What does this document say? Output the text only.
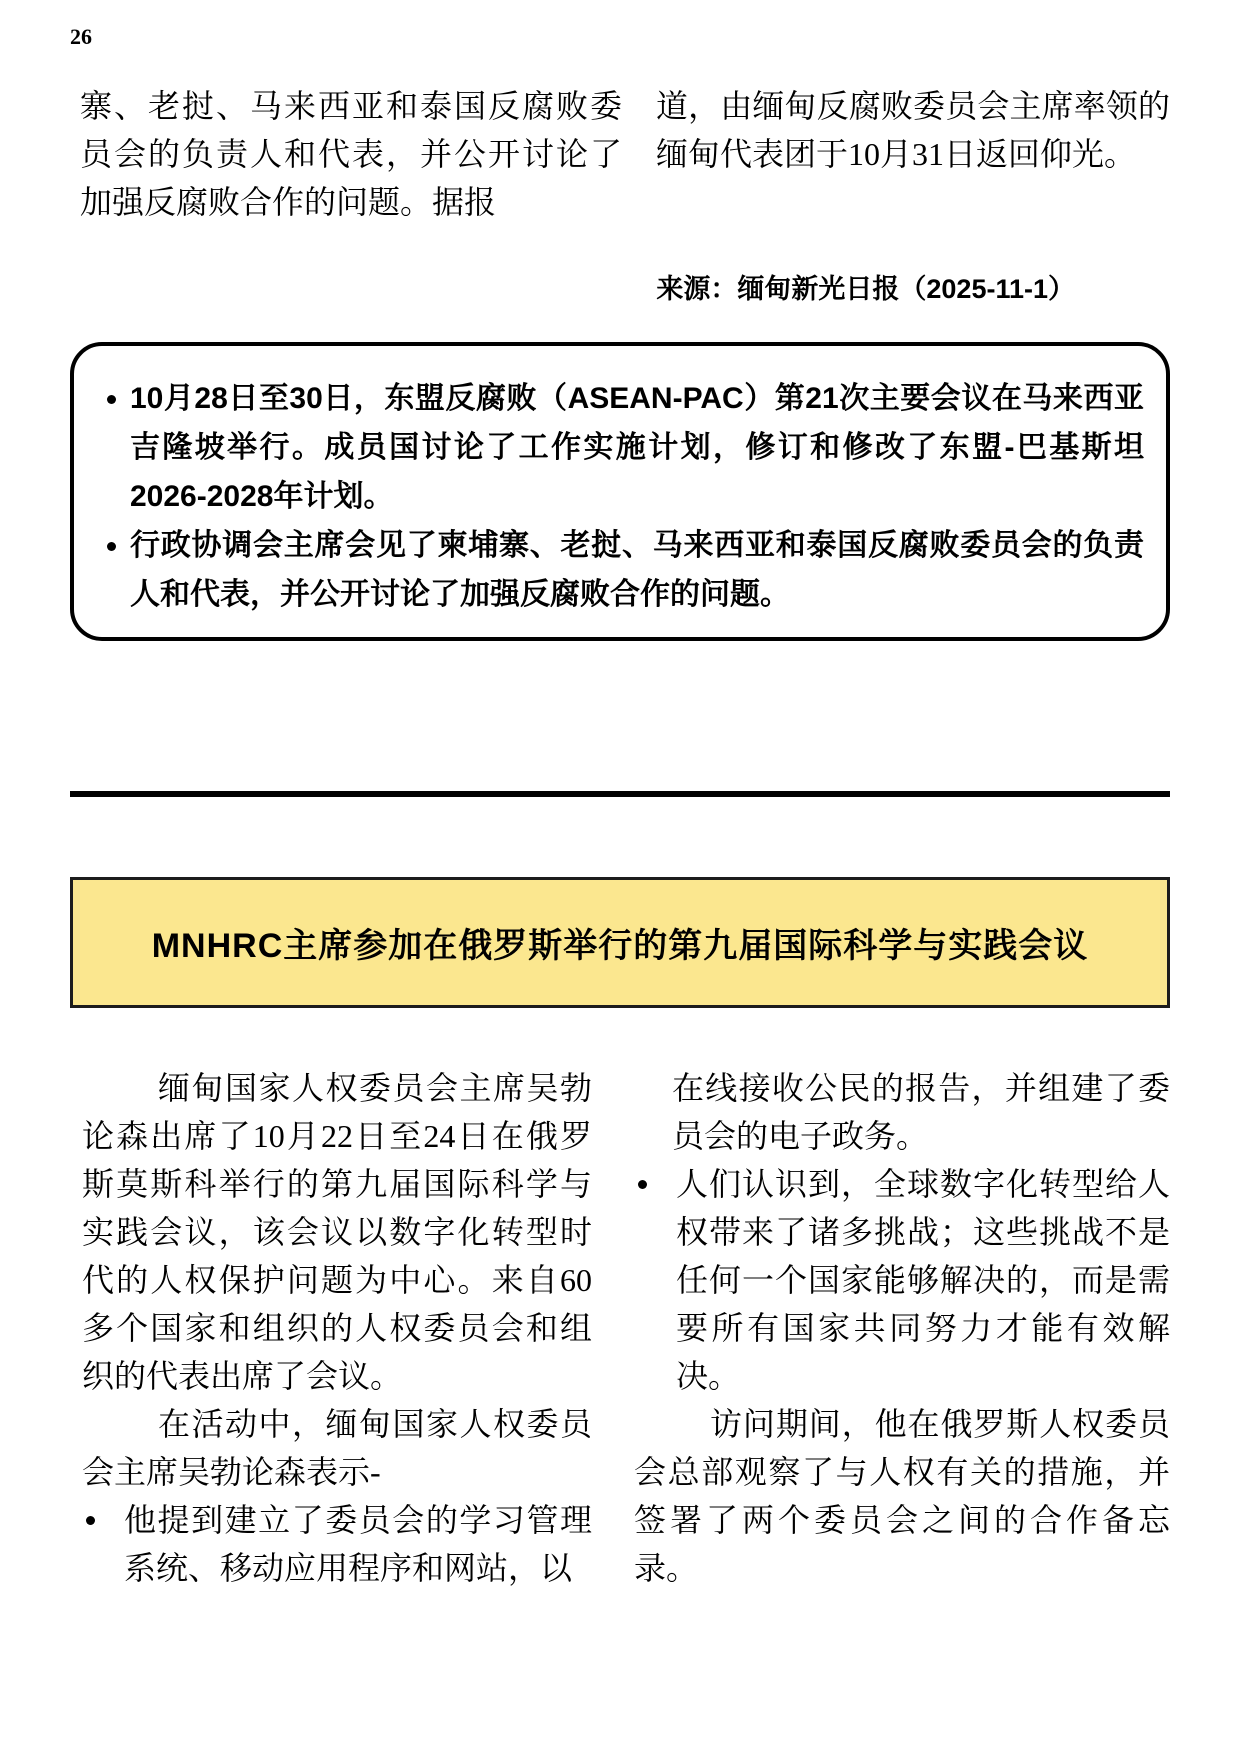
26
寨、老挝、马来西亚和泰国反腐败委员会的负责人和代表，并公开讨论了加强反腐败合作的问题。据报
道，由缅甸反腐败委员会主席率领的缅甸代表团于10月31日返回仰光。
来源：缅甸新光日报（2025-11-1）
10月28日至30日，东盟反腐败（ASEAN-PAC）第21次主要会议在马来西亚吉隆坡举行。成员国讨论了工作实施计划，修订和修改了东盟-巴基斯坦2026-2028年计划。
行政协调会主席会见了柬埔寨、老挝、马来西亚和泰国反腐败委员会的负责人和代表，并公开讨论了加强反腐败合作的问题。
MNHRC主席参加在俄罗斯举行的第九届国际科学与实践会议

缅甸国家人权委员会主席吴勃论森出席了10月22日至24日在俄罗斯莫斯科举行的第九届国际科学与实践会议，该会议以数字化转型时代的人权保护问题为中心。来自60多个国家和组织的人权委员会和组织的代表出席了会议。

在活动中，缅甸国家人权委员会主席吴勃论森表示-

他提到建立了委员会的学习管理系统、移动应用程序和网站，以
在线接收公民的报告，并组建了委员会的电子政务。
人们认识到，全球数字化转型给人权带来了诸多挑战；这些挑战不是任何一个国家能够解决的，而是需要所有国家共同努力才能有效解决。

访问期间，他在俄罗斯人权委员会总部观察了与人权有关的措施，并签署了两个委员会之间的合作备忘录。
